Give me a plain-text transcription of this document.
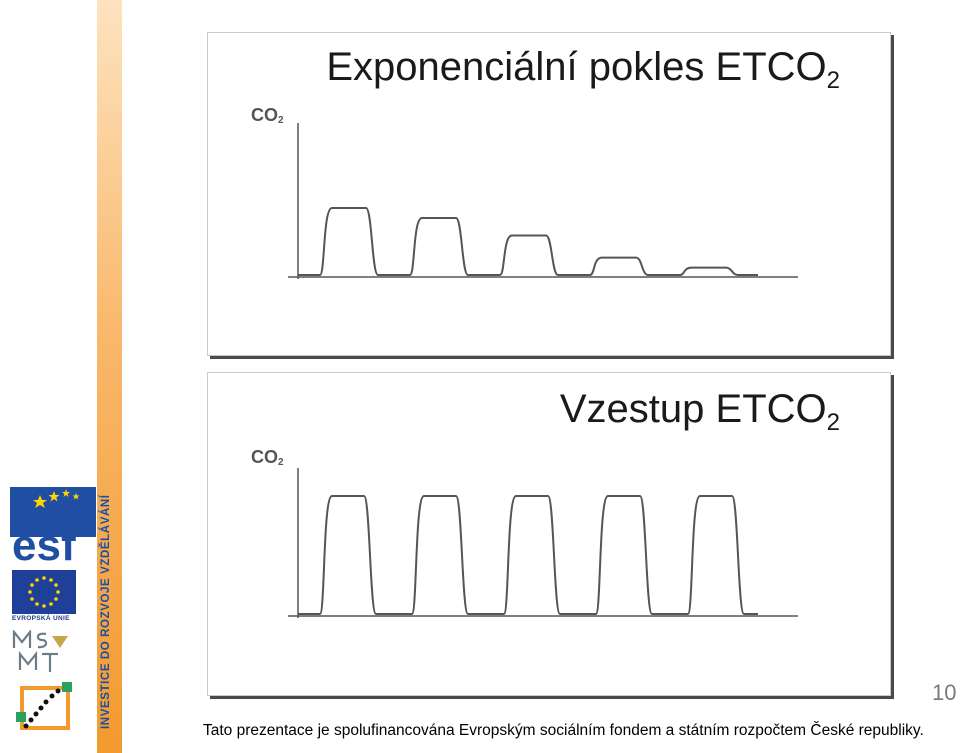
INVESTICE DO ROZVOJE VZDĚLÁVÁNÍ
esf
EVROPSKÁ UNIE
Exponenciální pokles $ETCO_2$
CO2
Vzestup $ETCO_2$
CO2
10
Tato prezentace je spolufinancována Evropským sociálním fondem a státním rozpočtem České republiky.
